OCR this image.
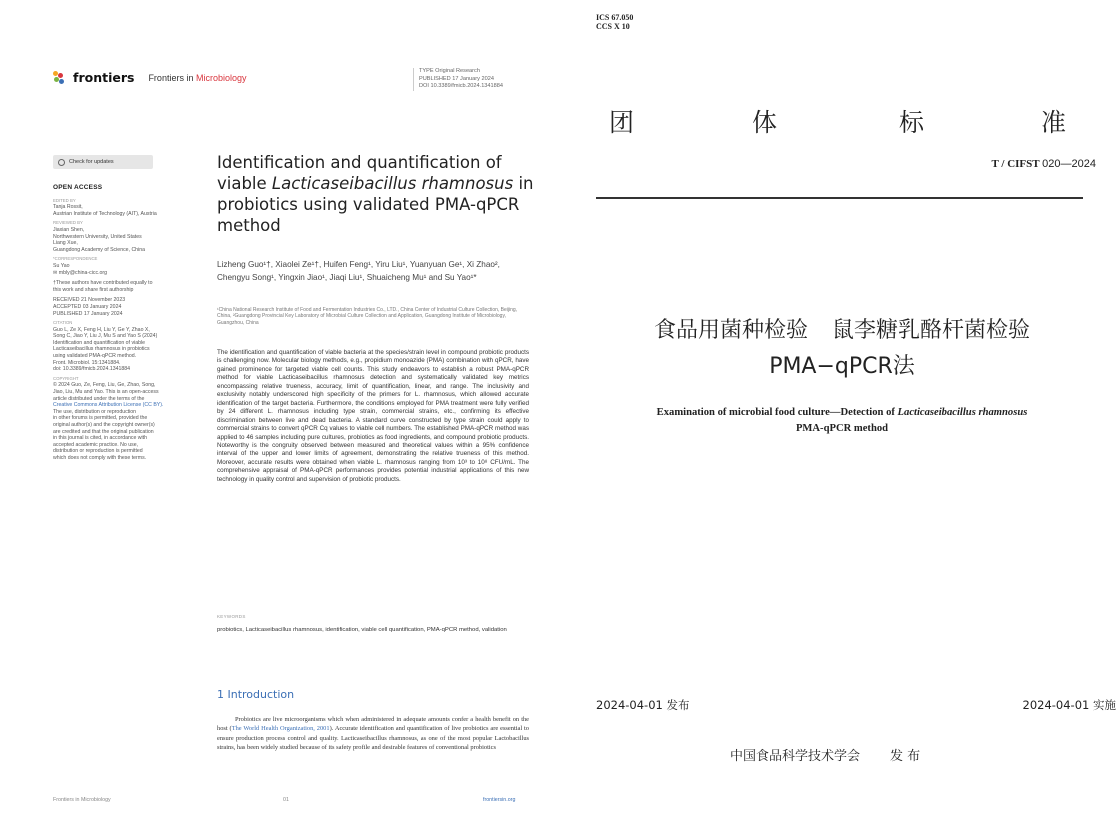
frontiers Frontiers in Microbiology
TYPE Original Research
PUBLISHED 17 January 2024
DOI 10.3389/fmicb.2024.1341884
Check for updates
OPEN ACCESS
EDITED BY
Tanja Rossit,
Austrian Institute of Technology (AIT), Austria
REVIEWED BY
Jiaxian Shen,
Northwestern University, United States
Liang Xue,
Guangdong Academy of Science, China
*CORRESPONDENCE
Su Yao
✉ mbly@china-cicc.org
†These authors have contributed equally to
this work and share first authorship
RECEIVED 21 November 2023
ACCEPTED 03 January 2024
PUBLISHED 17 January 2024
CITATION
Guo L, Ze X, Feng H, Liu Y, Ge Y, Zhao X,
Song C, Jiao Y, Liu J, Mu S and Yao S (2024)
Identification and quantification of viable
Lacticaseibacillus rhamnosus in probiotics
using validated PMA-qPCR method.
Front. Microbiol. 15:1341884.
doi: 10.3389/fmicb.2024.1341884
COPYRIGHT
© 2024 Guo, Ze, Feng, Liu, Ge, Zhao, Song,
Jiao, Liu, Mu and Yao. This is an open-access
article distributed under the terms of the
Creative Commons Attribution License (CC BY).
The use, distribution or reproduction
in other forums is permitted, provided the
original author(s) and the copyright owner(s)
are credited and that the original publication
in this journal is cited, in accordance with
accepted academic practice. No use,
distribution or reproduction is permitted
which does not comply with these terms.
Identification and quantification of viable Lacticaseibacillus rhamnosus in probiotics using validated PMA-qPCR method
Lizheng Guo¹†, Xiaolei Ze¹†, Huifen Feng¹, Yiru Liu¹, Yuanyuan Ge¹, Xi Zhao², Chengyu Song¹, Yingxin Jiao¹, Jiaqi Liu¹, Shuaicheng Mu¹ and Su Yao¹*
¹China National Research Institute of Food and Fermentation Industries Co., LTD., China Center of Industrial Culture Collection, Beijing, China, ²Guangdong Provincial Key Laboratory of Microbial Culture Collection and Application, Guangdong Institute of Microbiology, Guangzhou, China
The identification and quantification of viable bacteria at the species/strain level in compound probiotic products is challenging now. Molecular biology methods, e.g., propidium monoazide (PMA) combination with qPCR, have gained prominence for targeted viable cell counts. This study endeavors to establish a robust PMA-qPCR method for viable Lacticaseibacillus rhamnosus detection and systematically validated key metrics encompassing relative trueness, accuracy, limit of quantification, linear, and range. The inclusivity and exclusivity notably underscored high specificity of the primers for L. rhamnosus, which allowed accurate identification of the target bacteria. Furthermore, the conditions employed for PMA treatment were fully verified by 24 different L. rhamnosus including type strain, commercial strains, etc., confirming its effective discrimination between live and dead bacteria. A standard curve constructed by type strain could apply to commercial strains to convert qPCR Cq values to viable cell numbers. The established PMA-qPCR method was applied to 46 samples including pure cultures, probiotics as food ingredients, and compound probiotic products. Noteworthy is the congruity observed between measured and theoretical values within a 95% confidence interval of the upper and lower limits of agreement, demonstrating the relative trueness of this method. Moreover, accurate results were obtained when viable L. rhamnosus ranging from 10³ to 10⁸ CFU/mL. The comprehensive appraisal of PMA-qPCR performances provides potential industrial applications of this new technology in quality control and supervision of probiotic products.
KEYWORDS
probiotics, Lacticaseibacillus rhamnosus, identification, viable cell quantification, PMA-qPCR method, validation
1 Introduction
Probiotics are live microorganisms which when administered in adequate amounts confer a health benefit on the host (The World Health Organization, 2001). Accurate identification and quantification of live probiotics are essential to ensure production process control and quality. Lacticaseibacillus rhamnosus, as one of the most popular Lactobacillus strains, has been widely studied because of its safety profile and desirable features of conventional probiotics
Frontiers in Microbiology	01	frontiersin.org
ICS 67.050
CCS X 10
团	体	标	准
T / CIFST 020—2024
食品用菌种检验 鼠李糖乳酪杆菌检验
PMA−qPCR法
Examination of microbial food culture—Detection of Lacticaseibacillus rhamnosus
PMA-qPCR method
2024-04-01 发布	2024-04-01 实施
中国食品科学技术学会 发 布
